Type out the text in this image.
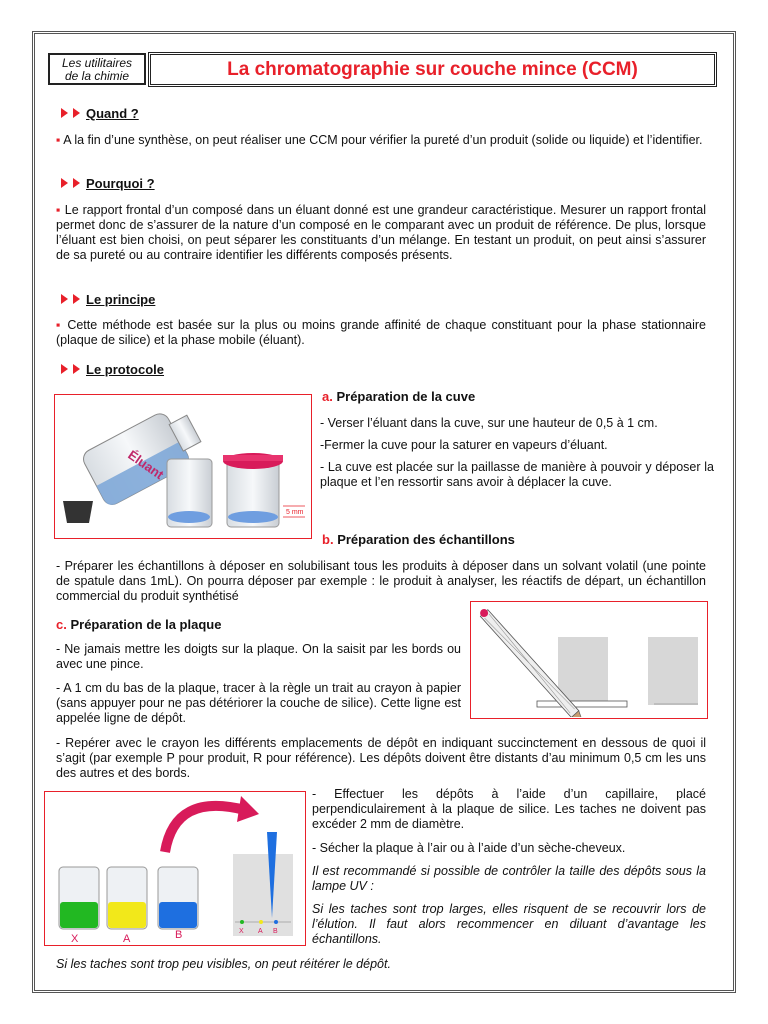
Les utilitaires
de la chimie	La chromatographie sur couche mince (CCM)
Quand ?
▪ A la fin d’une synthèse, on peut réaliser une CCM pour vérifier la pureté d’un produit (solide ou liquide) et l’identifier.
Pourquoi ?
▪ Le rapport frontal d’un composé dans un éluant donné est une grandeur caractéristique. Mesurer un rapport frontal permet donc de s’assurer de la nature d’un composé en le comparant avec un produit de référence. De plus, lorsque l’éluant est bien choisi, on peut séparer les constituants d’un mélange. En testant un produit, on peut ainsi s’assurer de sa pureté ou au contraire identifier les différents composés présents.
Le principe
▪ Cette méthode est basée sur la plus ou moins grande affinité de chaque constituant pour la phase stationnaire (plaque de silice) et la phase mobile (éluant).
Le protocole
Éluant
5 mm
a. Préparation de la cuve
- Verser l’éluant dans la cuve, sur une hauteur de 0,5 à 1 cm.
-Fermer la cuve pour la saturer en vapeurs d’éluant.
- La cuve est placée sur la paillasse de manière à pouvoir y déposer la plaque et l’en ressortir sans avoir à déplacer la cuve.
b. Préparation des échantillons
- Préparer les échantillons à déposer en solubilisant tous les produits à déposer dans un solvant volatil (une pointe de spatule dans 1mL). On pourra déposer par exemple : le produit à analyser, les réactifs de départ, un échantillon commercial du produit synthétisé
c. Préparation de la plaque
- Ne jamais mettre les doigts sur la plaque. On la saisit par les bords ou avec une pince.
- A 1 cm du bas de la plaque, tracer à la règle un trait au crayon à papier (sans appuyer pour ne pas détériorer la couche de silice). Cette ligne est appelée ligne de dépôt.
- Repérer avec le crayon les différents emplacements de dépôt en indiquant succinctement en dessous de quoi il s’agit (par exemple P pour produit, R pour référence). Les dépôts doivent être distants d’au minimum 0,5 cm les uns des autres et des bords.
X	A	B	X A B
- Effectuer les dépôts à l’aide d’un capillaire, placé perpendiculairement à la plaque de silice. Les taches ne doivent pas excéder 2 mm de diamètre.
- Sécher la plaque à l’air ou à l’aide d’un sèche-cheveux.
Il est recommandé si possible de contrôler la taille des dépôts sous la lampe UV :
Si les taches sont trop larges, elles risquent de se recouvrir lors de l’élution. Il faut alors recommencer en diluant d’avantage les échantillons.
Si les taches sont trop peu visibles, on peut réitérer le dépôt.
